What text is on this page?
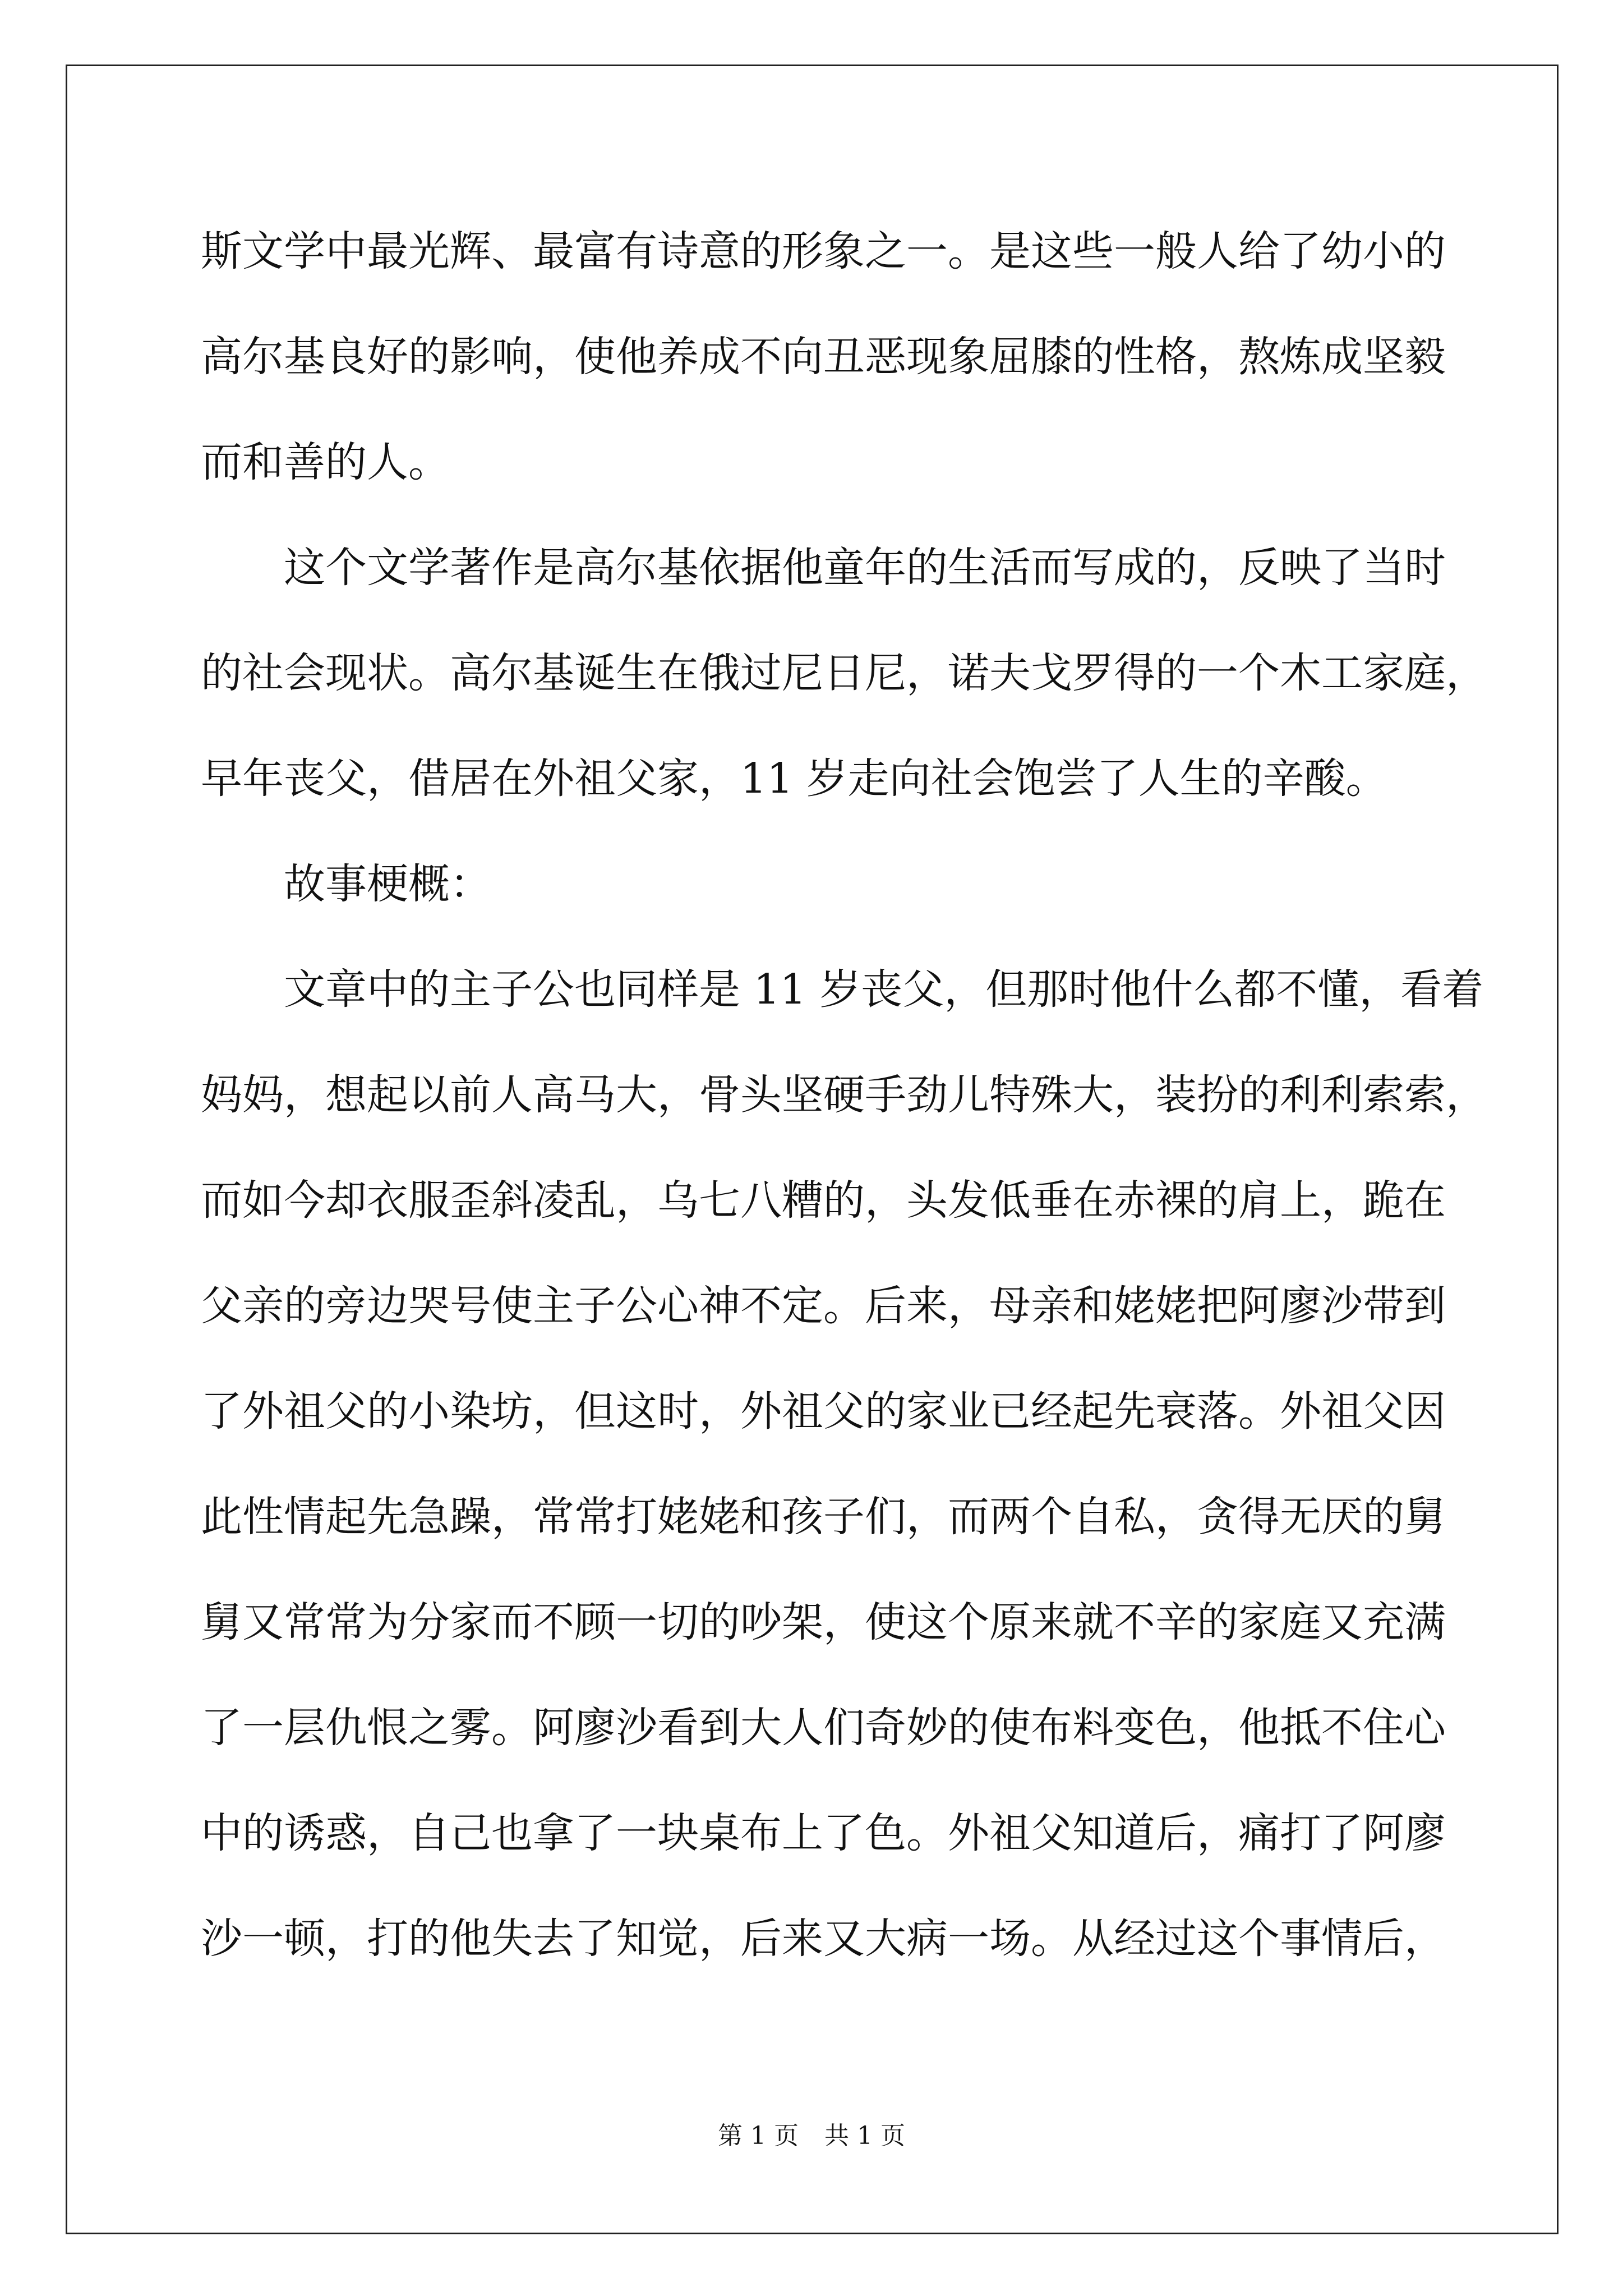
斯文学中最光辉、最富有诗意的形象之一。是这些一般人给了幼小的
高尔基良好的影响，使他养成不向丑恶现象屈膝的性格，熬炼成坚毅
而和善的人。
这个文学著作是高尔基依据他童年的生活而写成的，反映了当时
的社会现状。高尔基诞生在俄过尼日尼，诺夫戈罗得的一个木工家庭，
早年丧父，借居在外祖父家，11 岁走向社会饱尝了人生的辛酸。
故事梗概：
文章中的主子公也同样是 11 岁丧父，但那时他什么都不懂，看着
妈妈，想起以前人高马大，骨头坚硬手劲儿特殊大，装扮的利利索索，
而如今却衣服歪斜凌乱，乌七八糟的，头发低垂在赤裸的肩上，跪在
父亲的旁边哭号使主子公心神不定。后来，母亲和姥姥把阿廖沙带到
了外祖父的小染坊，但这时，外祖父的家业已经起先衰落。外祖父因
此性情起先急躁，常常打姥姥和孩子们，而两个自私，贪得无厌的舅
舅又常常为分家而不顾一切的吵架，使这个原来就不辛的家庭又充满
了一层仇恨之雾。阿廖沙看到大人们奇妙的使布料变色，他抵不住心
中的诱惑，自己也拿了一块桌布上了色。外祖父知道后，痛打了阿廖
沙一顿，打的他失去了知觉，后来又大病一场。从经过这个事情后，
第 1 页 共 1 页
